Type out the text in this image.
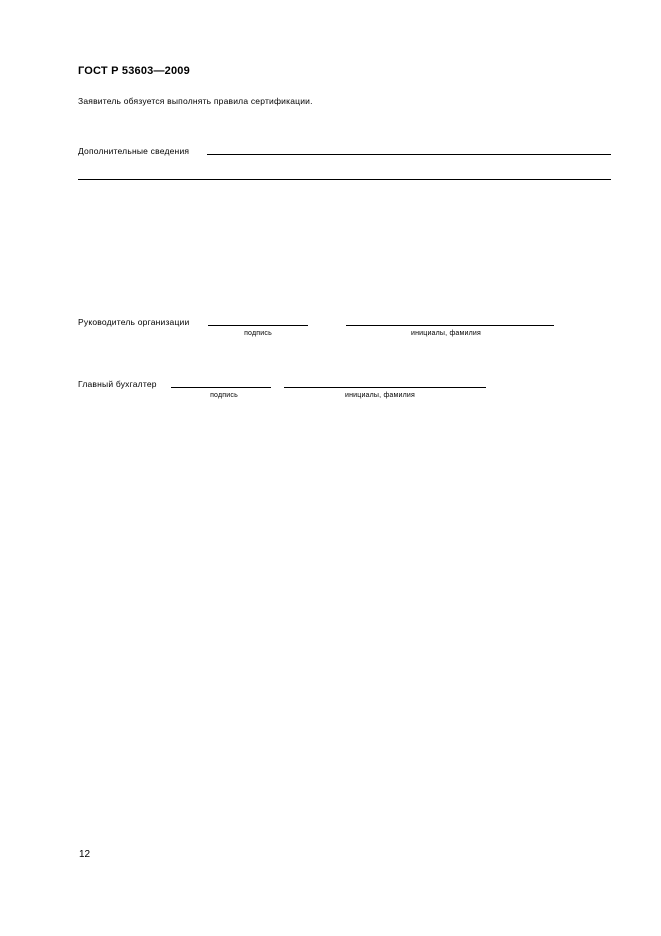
ГОСТ Р 53603—2009
Заявитель обязуется выполнять правила сертификации.
Дополнительные сведения
Руководитель организации
подпись	инициалы, фамилия
Главный бухгалтер
подпись	инициалы, фамилия
12
